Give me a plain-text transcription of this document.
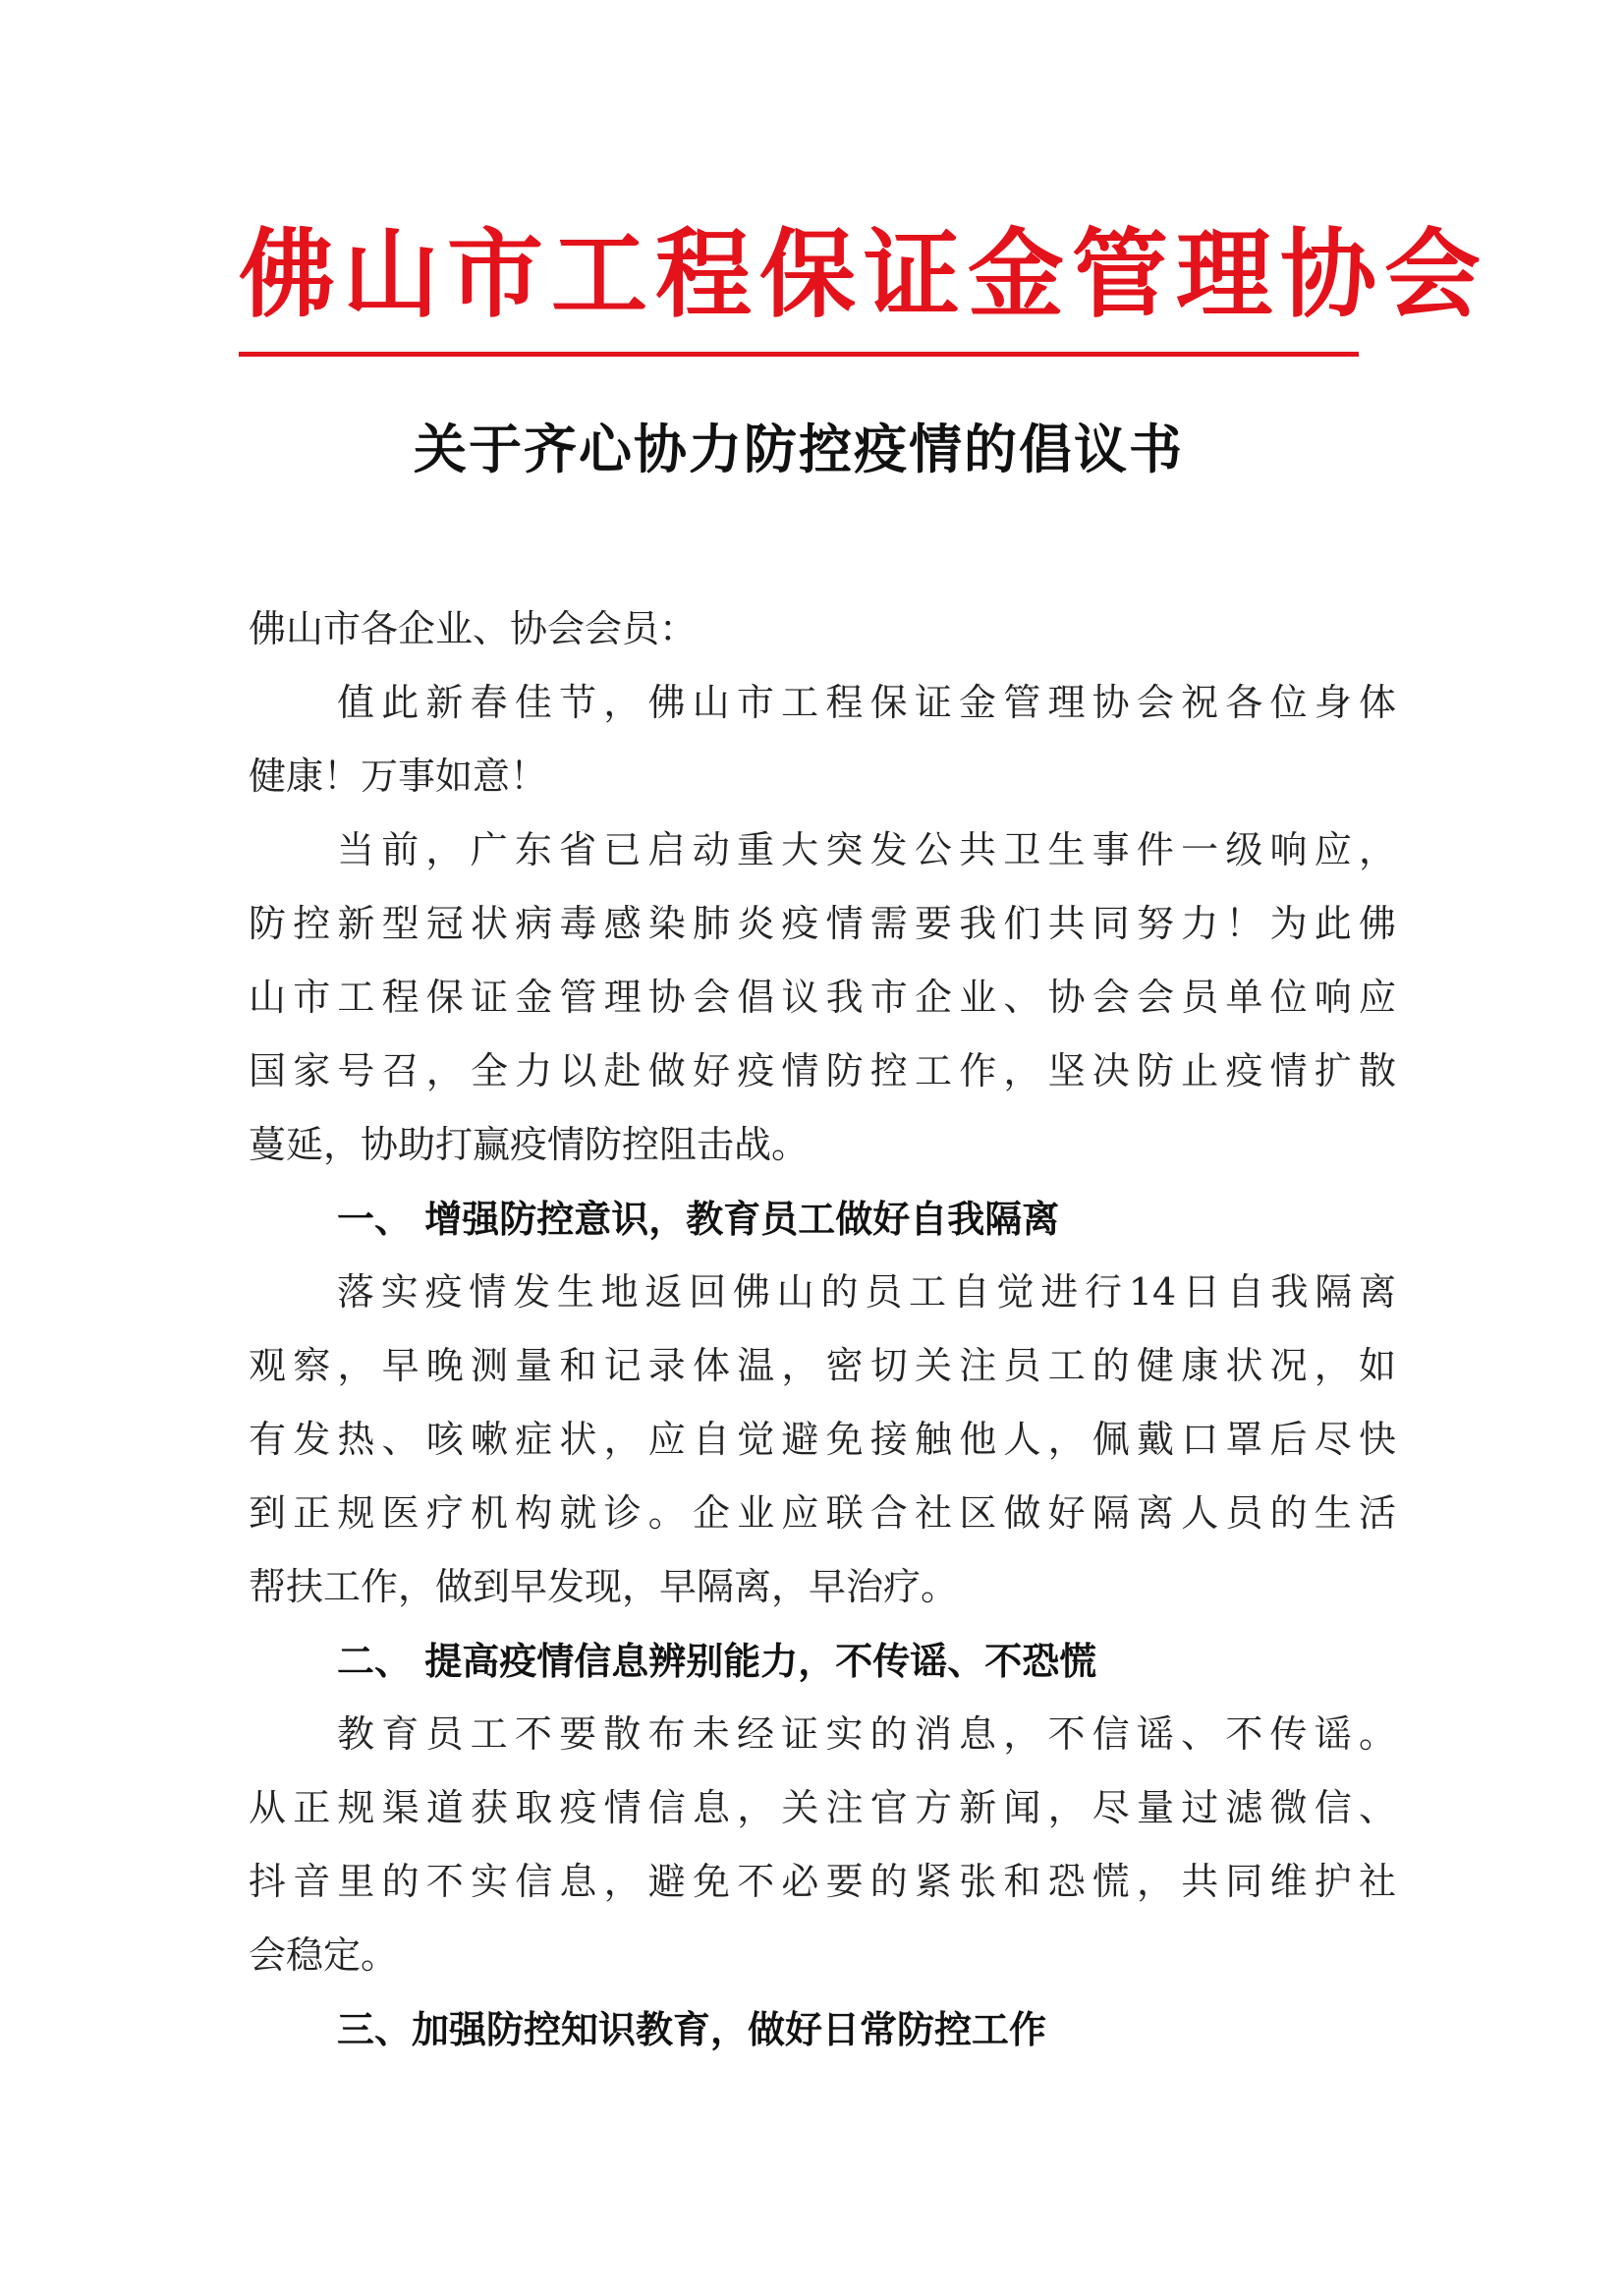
佛山市工程保证金管理协会
关于齐心协力防控疫情的倡议书
佛山市各企业、协会会员：
值此新春佳节，佛山市工程保证金管理协会祝各位身体
健康！万事如意！
当前，广东省已启动重大突发公共卫生事件一级响应，
防控新型冠状病毒感染肺炎疫情需要我们共同努力！为此佛
山市工程保证金管理协会倡议我市企业、协会会员单位响应
国家号召，全力以赴做好疫情防控工作，坚决防止疫情扩散
蔓延，协助打赢疫情防控阻击战。
一、 增强防控意识，教育员工做好自我隔离
落实疫情发生地返回佛山的员工自觉进行14日自我隔离
观察，早晚测量和记录体温，密切关注员工的健康状况，如
有发热、咳嗽症状，应自觉避免接触他人，佩戴口罩后尽快
到正规医疗机构就诊。企业应联合社区做好隔离人员的生活
帮扶工作，做到早发现，早隔离，早治疗。
二、 提高疫情信息辨别能力，不传谣、不恐慌
教育员工不要散布未经证实的消息，不信谣、不传谣。
从正规渠道获取疫情信息，关注官方新闻，尽量过滤微信、
抖音里的不实信息，避免不必要的紧张和恐慌，共同维护社
会稳定。
三、加强防控知识教育，做好日常防控工作
